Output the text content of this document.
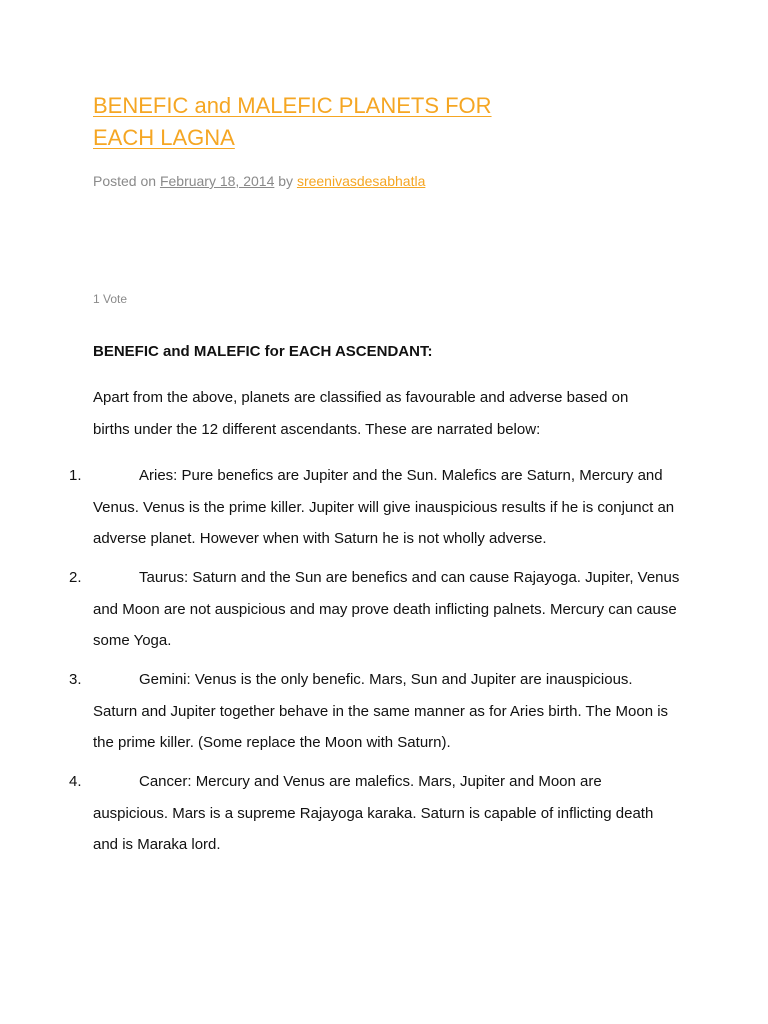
BENEFIC and MALEFIC PLANETS FOR EACH LAGNA
Posted on February 18, 2014 by sreenivasdesabhatla
1 Vote

BENEFIC and MALEFIC for EACH ASCENDANT:

Apart from the above, planets are classified as favourable and adverse based on births under the 12 different ascendants. These are narrated below:

1.	Aries: Pure benefics are Jupiter and the Sun. Malefics are Saturn, Mercury and Venus. Venus is the prime killer. Jupiter will give inauspicious results if he is conjunct an adverse planet. However when with Saturn he is not wholly adverse.
2.	Taurus: Saturn and the Sun are benefics and can cause Rajayoga. Jupiter, Venus and Moon are not auspicious and may prove death inflicting palnets. Mercury can cause some Yoga.
3.	Gemini: Venus is the only benefic. Mars, Sun and Jupiter are inauspicious. Saturn and Jupiter together behave in the same manner as for Aries birth. The Moon is the prime killer. (Some replace the Moon with Saturn).
4.	Cancer: Mercury and Venus are malefics. Mars, Jupiter and Moon are auspicious. Mars is a supreme Rajayoga karaka. Saturn is capable of inflicting death and is Maraka lord.
